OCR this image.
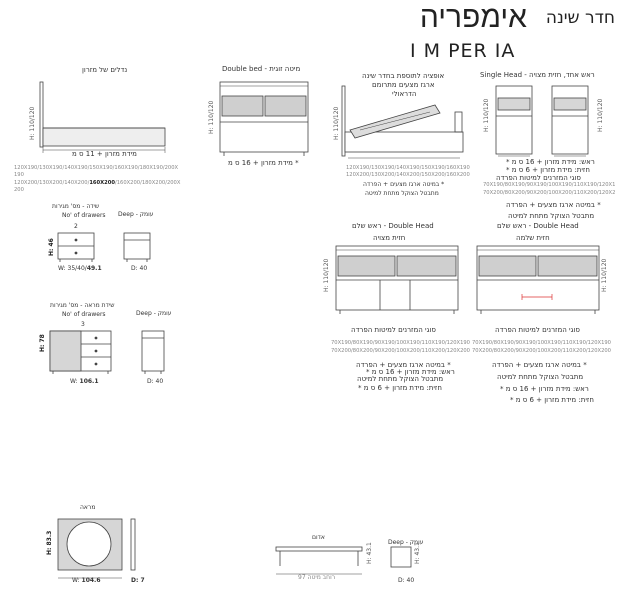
אימפריה חדר שינה
I M PER IA
נדלים של מזרון
H: 110/120
מידת מזרון + 11 ס מ
120X190/130X190/140X190/150X190/160X190/180X190/200X
190
120X200/130X200/140X200/160X200/160X200/180X200/200X
200
Double bed - מיטה זוגית
H: 110/120
* מידת מזרון + 16 ס מ
אופציה לתוספת בחדר שינה
ארגז מצעים מתרומם
הדראולי
H: 110/120
120X190/130X190/140X190/150X190/160X190
120X200/130X200/140X200/150X200/160X200
* במיטה ארגז מצעים + הפרדה
מתבטל הצוקל מתחת למיטה
Single Head - ראש אחד, חזית מצויה
H: 110/120	H: 110/120
ראש: מידת מזרון + 16 ס מ *
חזית: מידת מזרון + 6 ס מ *
סוגי המזרנים למיטות הפרדה
70X190/80X190/90X190/100X190/110X190/120X1
70X200/80X200/90X200/100X200/110X200/120X2
* במיטה ארגז מצעים + הפרדה
מתבטל הצוקל מתחת למיטה
שידה - מס' מגירות
No' of drawers
2
H: 46
W: 35/40/49.1
Deep - עומק
D: 40
שידת מראה - מס' מגירות
No' of drawers
3
H: 78
W: 106.1
Deep - עומק
D: 40
ראש שלם - Double Head
חזית מצויה
H: 110/120
סוגי המזרנים למיטות הפרדה
70X190/80X190/90X190/100X190/110X190/120X190
70X200/80X200/90X200/100X200/110X200/120X200
* במיטה ארגז מצעים + הפרדה
ראש: מידת מזרון + 16 ס מ *
מתבטל הצוקל מתחת למיטה
חזית: מידת מזרון + 6 ס מ *
ראש שלם - Double Head
חזית שלמה
H: 110/120
סוגי המזרנים למיטות הפרדה
70X190/80X190/90X190/100X190/110X190/120X190
70X200/80X200/90X200/100X200/110X200/120X200
* במיטה ארגז מצעים + הפרדה
מתבטל הצוקל מתחת למיטה
ראש: מידת מזרון + 16 ס מ *
חזית: מידת מזרון + 6 ס מ *
מראה
H: 83.3
W: 104.6	D: 7
אדום
רוחב מיטה 97
H: 43.1	Deep - עומק
D: 40
H: 43.1
